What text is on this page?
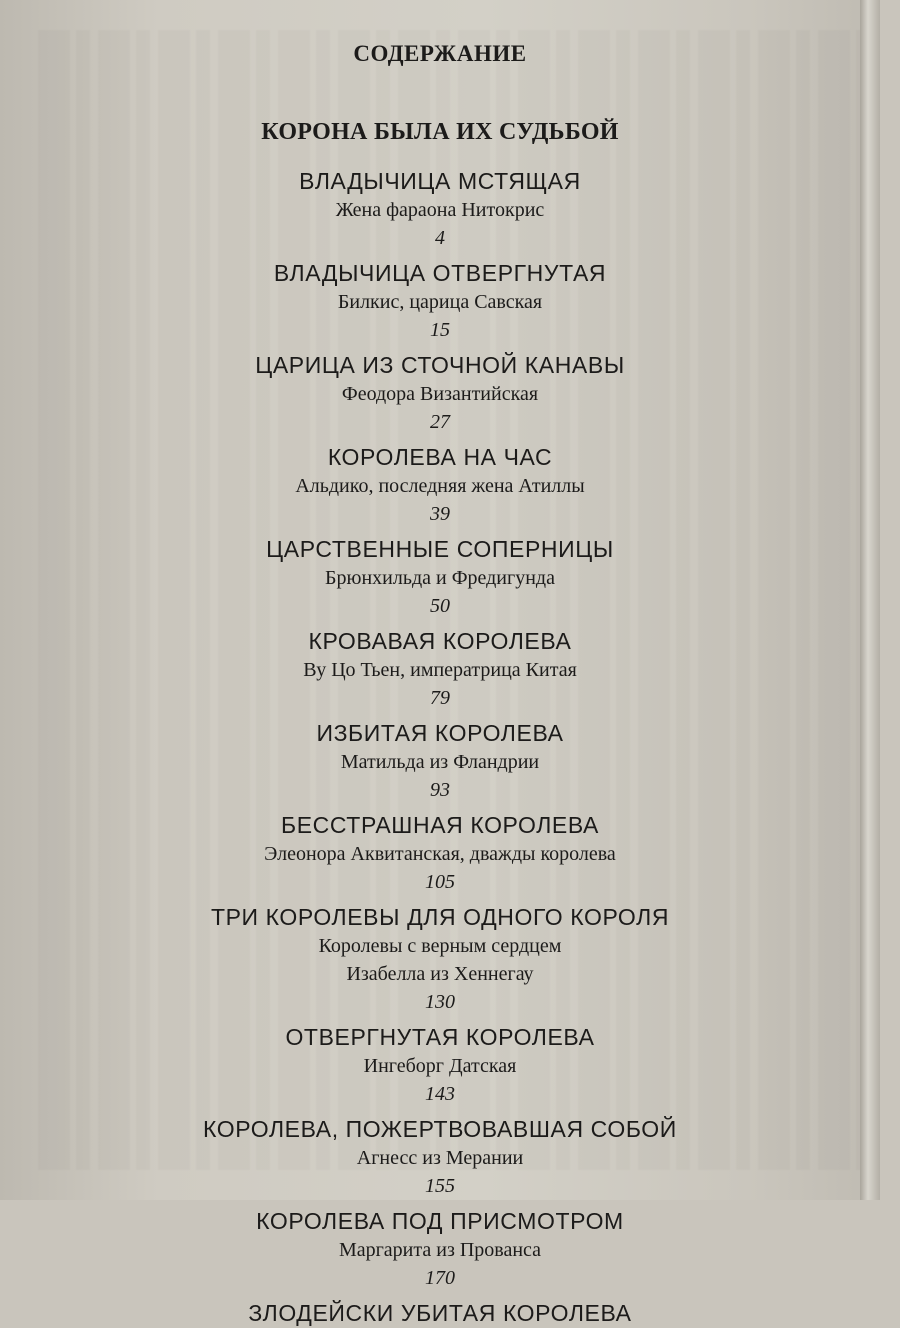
СОДЕРЖАНИЕ
КОРОНА БЫЛА ИХ СУДЬБОЙ
ВЛАДЫЧИЦА МСТЯЩАЯ
Жена фараона Нитокрис
4
ВЛАДЫЧИЦА ОТВЕРГНУТАЯ
Билкис, царица Савская
15
ЦАРИЦА ИЗ СТОЧНОЙ КАНАВЫ
Феодора Византийская
27
КОРОЛЕВА НА ЧАС
Альдико, последняя жена Атиллы
39
ЦАРСТВЕННЫЕ СОПЕРНИЦЫ
Брюнхильда и Фредигунда
50
КРОВАВАЯ КОРОЛЕВА
Ву Цо Тьен, императрица Китая
79
ИЗБИТАЯ КОРОЛЕВА
Матильда из Фландрии
93
БЕССТРАШНАЯ КОРОЛЕВА
Элеонора Аквитанская, дважды королева
105
ТРИ КОРОЛЕВЫ ДЛЯ ОДНОГО КОРОЛЯ
Королевы с верным сердцем
Изабелла из Хеннегау
130
ОТВЕРГНУТАЯ КОРОЛЕВА
Ингеборг Датская
143
КОРОЛЕВА, ПОЖЕРТВОВАВШАЯ СОБОЙ
Агнесс из Мерании
155
КОРОЛЕВА ПОД ПРИСМОТРОМ
Маргарита из Прованса
170
ЗЛОДЕЙСКИ УБИТАЯ КОРОЛЕВА
